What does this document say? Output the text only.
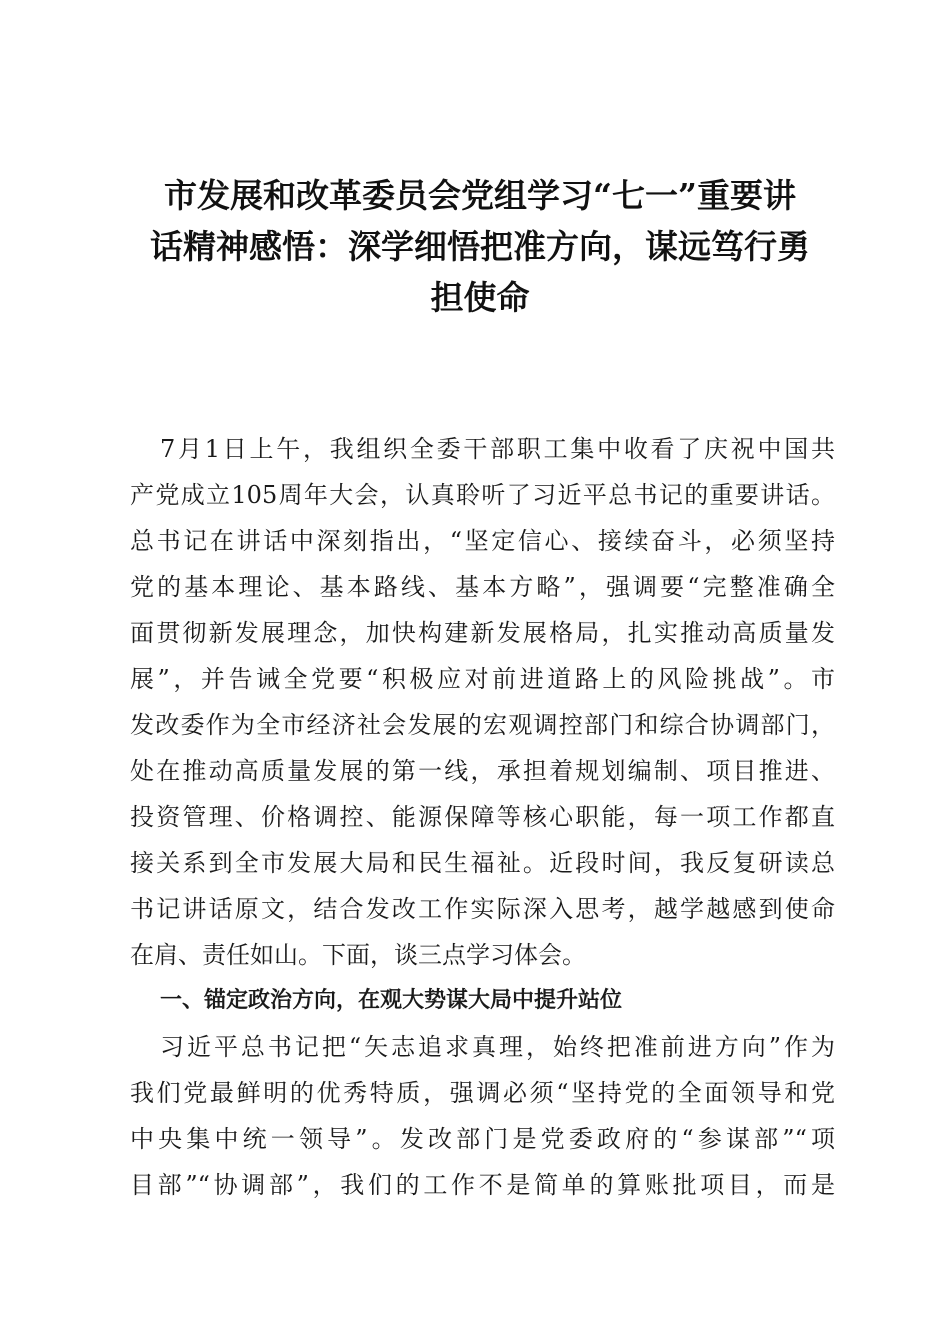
市发展和改革委员会党组学习“七一”重要讲
话精神感悟：深学细悟把准方向，谋远笃行勇
担使命
7月1日上午，我组织全委干部职工集中收看了庆祝中国共
产党成立105周年大会，认真聆听了习近平总书记的重要讲话。
总书记在讲话中深刻指出，“坚定信心、接续奋斗，必须坚持
党的基本理论、基本路线、基本方略”，强调要“完整准确全
面贯彻新发展理念，加快构建新发展格局，扎实推动高质量发
展”，并告诫全党要“积极应对前进道路上的风险挑战”。市
发改委作为全市经济社会发展的宏观调控部门和综合协调部门，
处在推动高质量发展的第一线，承担着规划编制、项目推进、
投资管理、价格调控、能源保障等核心职能，每一项工作都直
接关系到全市发展大局和民生福祉。近段时间，我反复研读总
书记讲话原文，结合发改工作实际深入思考，越学越感到使命
在肩、责任如山。下面，谈三点学习体会。
一、锚定政治方向，在观大势谋大局中提升站位
习近平总书记把“矢志追求真理，始终把准前进方向”作为
我们党最鲜明的优秀特质，强调必须“坚持党的全面领导和党
中央集中统一领导”。发改部门是党委政府的“参谋部”“项
目部”“协调部”，我们的工作不是简单的算账批项目，而是
